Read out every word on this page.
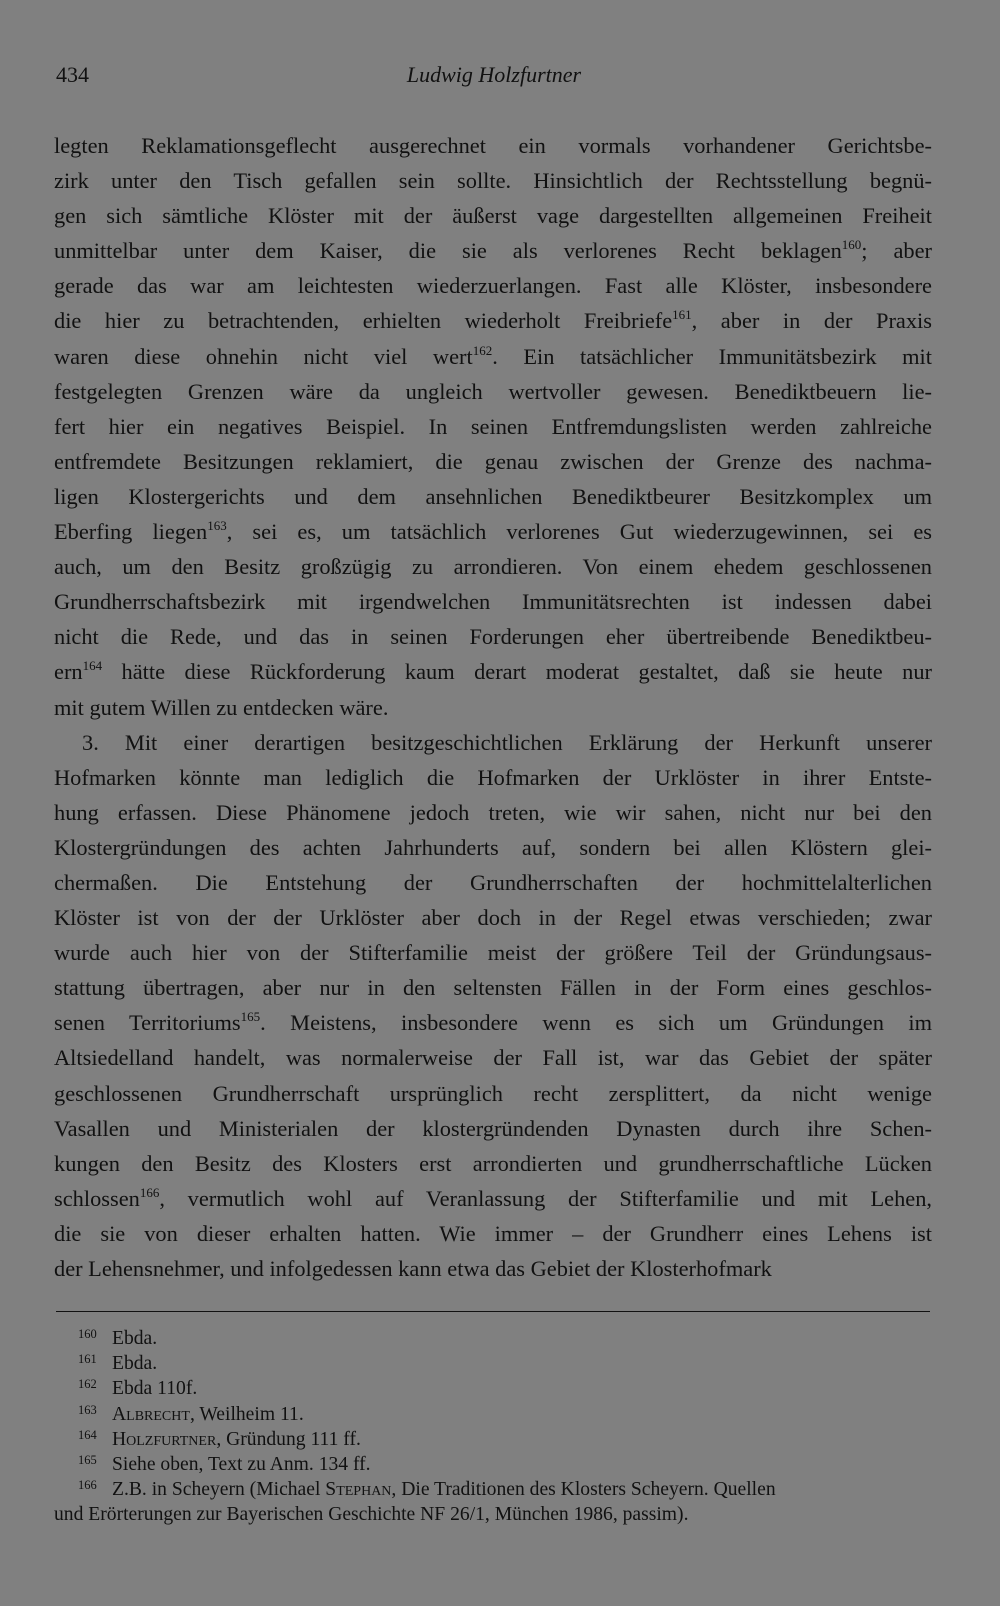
434	Ludwig Holzfurtner
legten Reklamationsgeflecht ausgerechnet ein vormals vorhandener Gerichtsbe-
zirk unter den Tisch gefallen sein sollte. Hinsichtlich der Rechtsstellung begnü-
gen sich sämtliche Klöster mit der äußerst vage dargestellten allgemeinen Freiheit
unmittelbar unter dem Kaiser, die sie als verlorenes Recht beklagen$^{160}$; aber
gerade das war am leichtesten wiederzuerlangen. Fast alle Klöster, insbesondere
die hier zu betrachtenden, erhielten wiederholt Freibriefe$^{161}$, aber in der Praxis
waren diese ohnehin nicht viel wert$^{162}$. Ein tatsächlicher Immunitätsbezirk mit
festgelegten Grenzen wäre da ungleich wertvoller gewesen. Benediktbeuern lie-
fert hier ein negatives Beispiel. In seinen Entfremdungslisten werden zahlreiche
entfremdete Besitzungen reklamiert, die genau zwischen der Grenze des nachma-
ligen Klostergerichts und dem ansehnlichen Benediktbeurer Besitzkomplex um
Eberfing liegen$^{163}$, sei es, um tatsächlich verlorenes Gut wiederzugewinnen, sei es
auch, um den Besitz großzügig zu arrondieren. Von einem ehedem geschlossenen
Grundherrschaftsbezirk mit irgendwelchen Immunitätsrechten ist indessen dabei
nicht die Rede, und das in seinen Forderungen eher übertreibende Benediktbeu-
ern$^{164}$ hätte diese Rückforderung kaum derart moderat gestaltet, daß sie heute nur
mit gutem Willen zu entdecken wäre.
3. Mit einer derartigen besitzgeschichtlichen Erklärung der Herkunft unserer
Hofmarken könnte man lediglich die Hofmarken der Urklöster in ihrer Entste-
hung erfassen. Diese Phänomene jedoch treten, wie wir sahen, nicht nur bei den
Klostergründungen des achten Jahrhunderts auf, sondern bei allen Klöstern glei-
chermaßen. Die Entstehung der Grundherrschaften der hochmittelalterlichen
Klöster ist von der der Urklöster aber doch in der Regel etwas verschieden; zwar
wurde auch hier von der Stifterfamilie meist der größere Teil der Gründungsaus-
stattung übertragen, aber nur in den seltensten Fällen in der Form eines geschlos-
senen Territoriums$^{165}$. Meistens, insbesondere wenn es sich um Gründungen im
Altsiedelland handelt, was normalerweise der Fall ist, war das Gebiet der später
geschlossenen Grundherrschaft ursprünglich recht zersplittert, da nicht wenige
Vasallen und Ministerialen der klostergründenden Dynasten durch ihre Schen-
kungen den Besitz des Klosters erst arrondierten und grundherrschaftliche Lücken
schlossen$^{166}$, vermutlich wohl auf Veranlassung der Stifterfamilie und mit Lehen,
die sie von dieser erhalten hatten. Wie immer – der Grundherr eines Lehens ist
der Lehensnehmer, und infolgedessen kann etwa das Gebiet der Klosterhofmark
160 Ebda.
161 Ebda.
162 Ebda 110f.
163 Albrecht, Weilheim 11.
164 Holzfurtner, Gründung 111 ff.
165 Siehe oben, Text zu Anm. 134 ff.
166 Z.B. in Scheyern (Michael Stephan, Die Traditionen des Klosters Scheyern. Quellen
und Erörterungen zur Bayerischen Geschichte NF 26/1, München 1986, passim).
